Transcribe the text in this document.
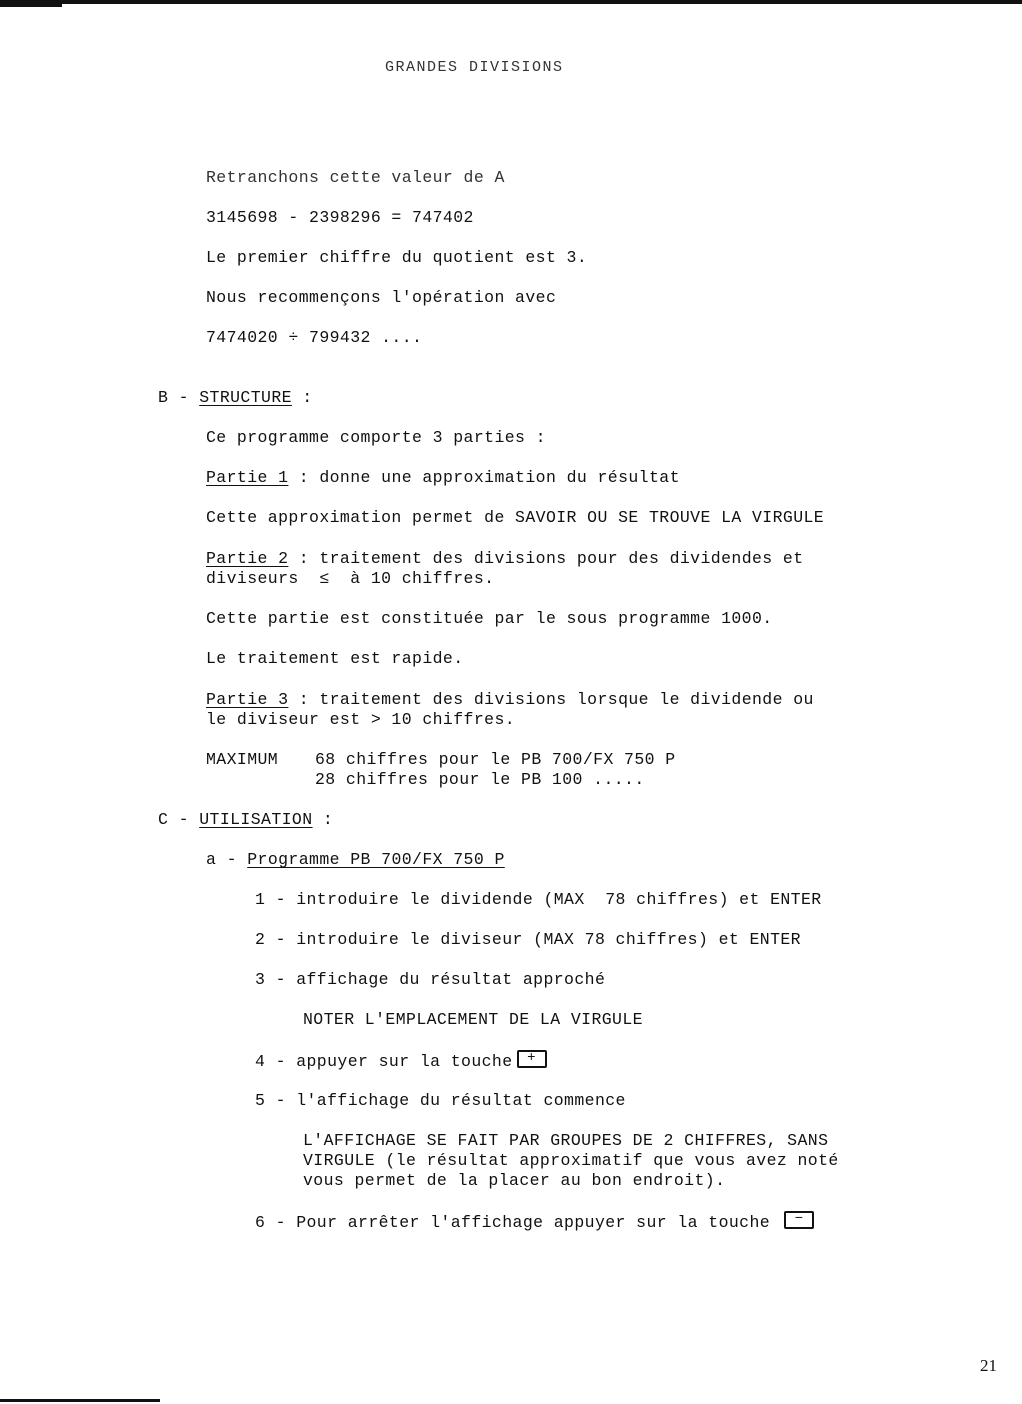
GRANDES DIVISIONS
Retranchons cette valeur de A
3145698 - 2398296 = 747402
Le premier chiffre du quotient est 3.
Nous recommençons l'opération avec
7474020 ÷ 799432 ....
B - STRUCTURE :
Ce programme comporte 3 parties :
Partie 1 : donne une approximation du résultat
Cette approximation permet de SAVOIR OU SE TROUVE LA VIRGULE
Partie 2 : traitement des divisions pour des dividendes et
diviseurs  ≤  à 10 chiffres.
Cette partie est constituée par le sous programme 1000.
Le traitement est rapide.
Partie 3 : traitement des divisions lorsque le dividende ou
le diviseur est > 10 chiffres.
MAXIMUM 68 chiffres pour le PB 700/FX 750 P
28 chiffres pour le PB 100 .....
C - UTILISATION :
a - Programme PB 700/FX 750 P
1 - introduire le dividende (MAX  78 chiffres) et ENTER
2 - introduire le diviseur (MAX 78 chiffres) et ENTER
3 - affichage du résultat approché
NOTER L'EMPLACEMENT DE LA VIRGULE
4 - appuyer sur la touche	+
5 - l'affichage du résultat commence
L'AFFICHAGE SE FAIT PAR GROUPES DE 2 CHIFFRES, SANS
VIRGULE (le résultat approximatif que vous avez noté
vous permet de la placer au bon endroit).
6 - Pour arrêter l'affichage appuyer sur la touche	−
21
